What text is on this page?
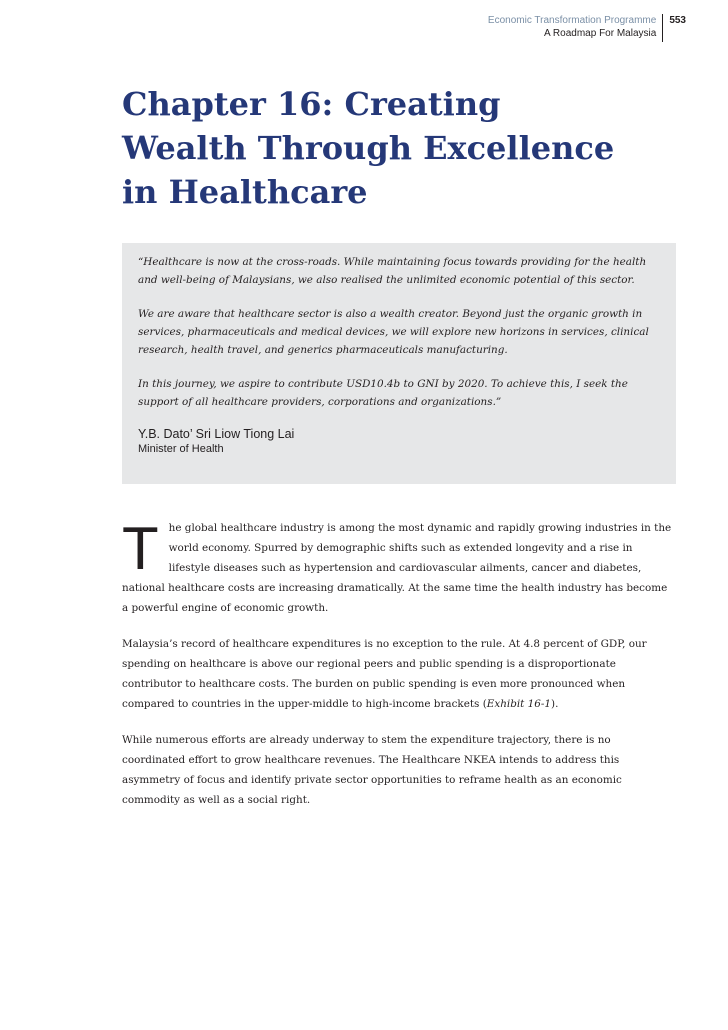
Economic Transformation Programme
A Roadmap For Malaysia
553
Chapter 16: Creating
Wealth Through Excellence
in Healthcare

“Healthcare is now at the cross-roads. While maintaining focus towards providing for the health and well-being of Malaysians, we also realised the unlimited economic potential of this sector.

We are aware that healthcare sector is also a wealth creator. Beyond just the organic growth in services, pharmaceuticals and medical devices, we will explore new horizons in services, clinical research, health travel, and generics pharmaceuticals manufacturing.

In this journey, we aspire to contribute USD10.4b to GNI by 2020. To achieve this, I seek the support of all healthcare providers, corporations and organizations.”

Y.B. Dato’ Sri Liow Tiong Lai
Minister of Health

The global healthcare industry is among the most dynamic and rapidly growing industries in the world economy. Spurred by demographic shifts such as extended longevity and a rise in lifestyle diseases such as hypertension and cardiovascular ailments, cancer and diabetes, national healthcare costs are increasing dramatically. At the same time the health industry has become a powerful engine of economic growth.

Malaysia’s record of healthcare expenditures is no exception to the rule. At 4.8 percent of GDP, our spending on healthcare is above our regional peers and public spending is a disproportionate contributor to healthcare costs. The burden on public spending is even more pronounced when compared to countries in the upper-middle to high-income brackets (Exhibit 16-1).

While numerous efforts are already underway to stem the expenditure trajectory, there is no coordinated effort to grow healthcare revenues. The Healthcare NKEA intends to address this asymmetry of focus and identify private sector opportunities to reframe health as an economic commodity as well as a social right.
